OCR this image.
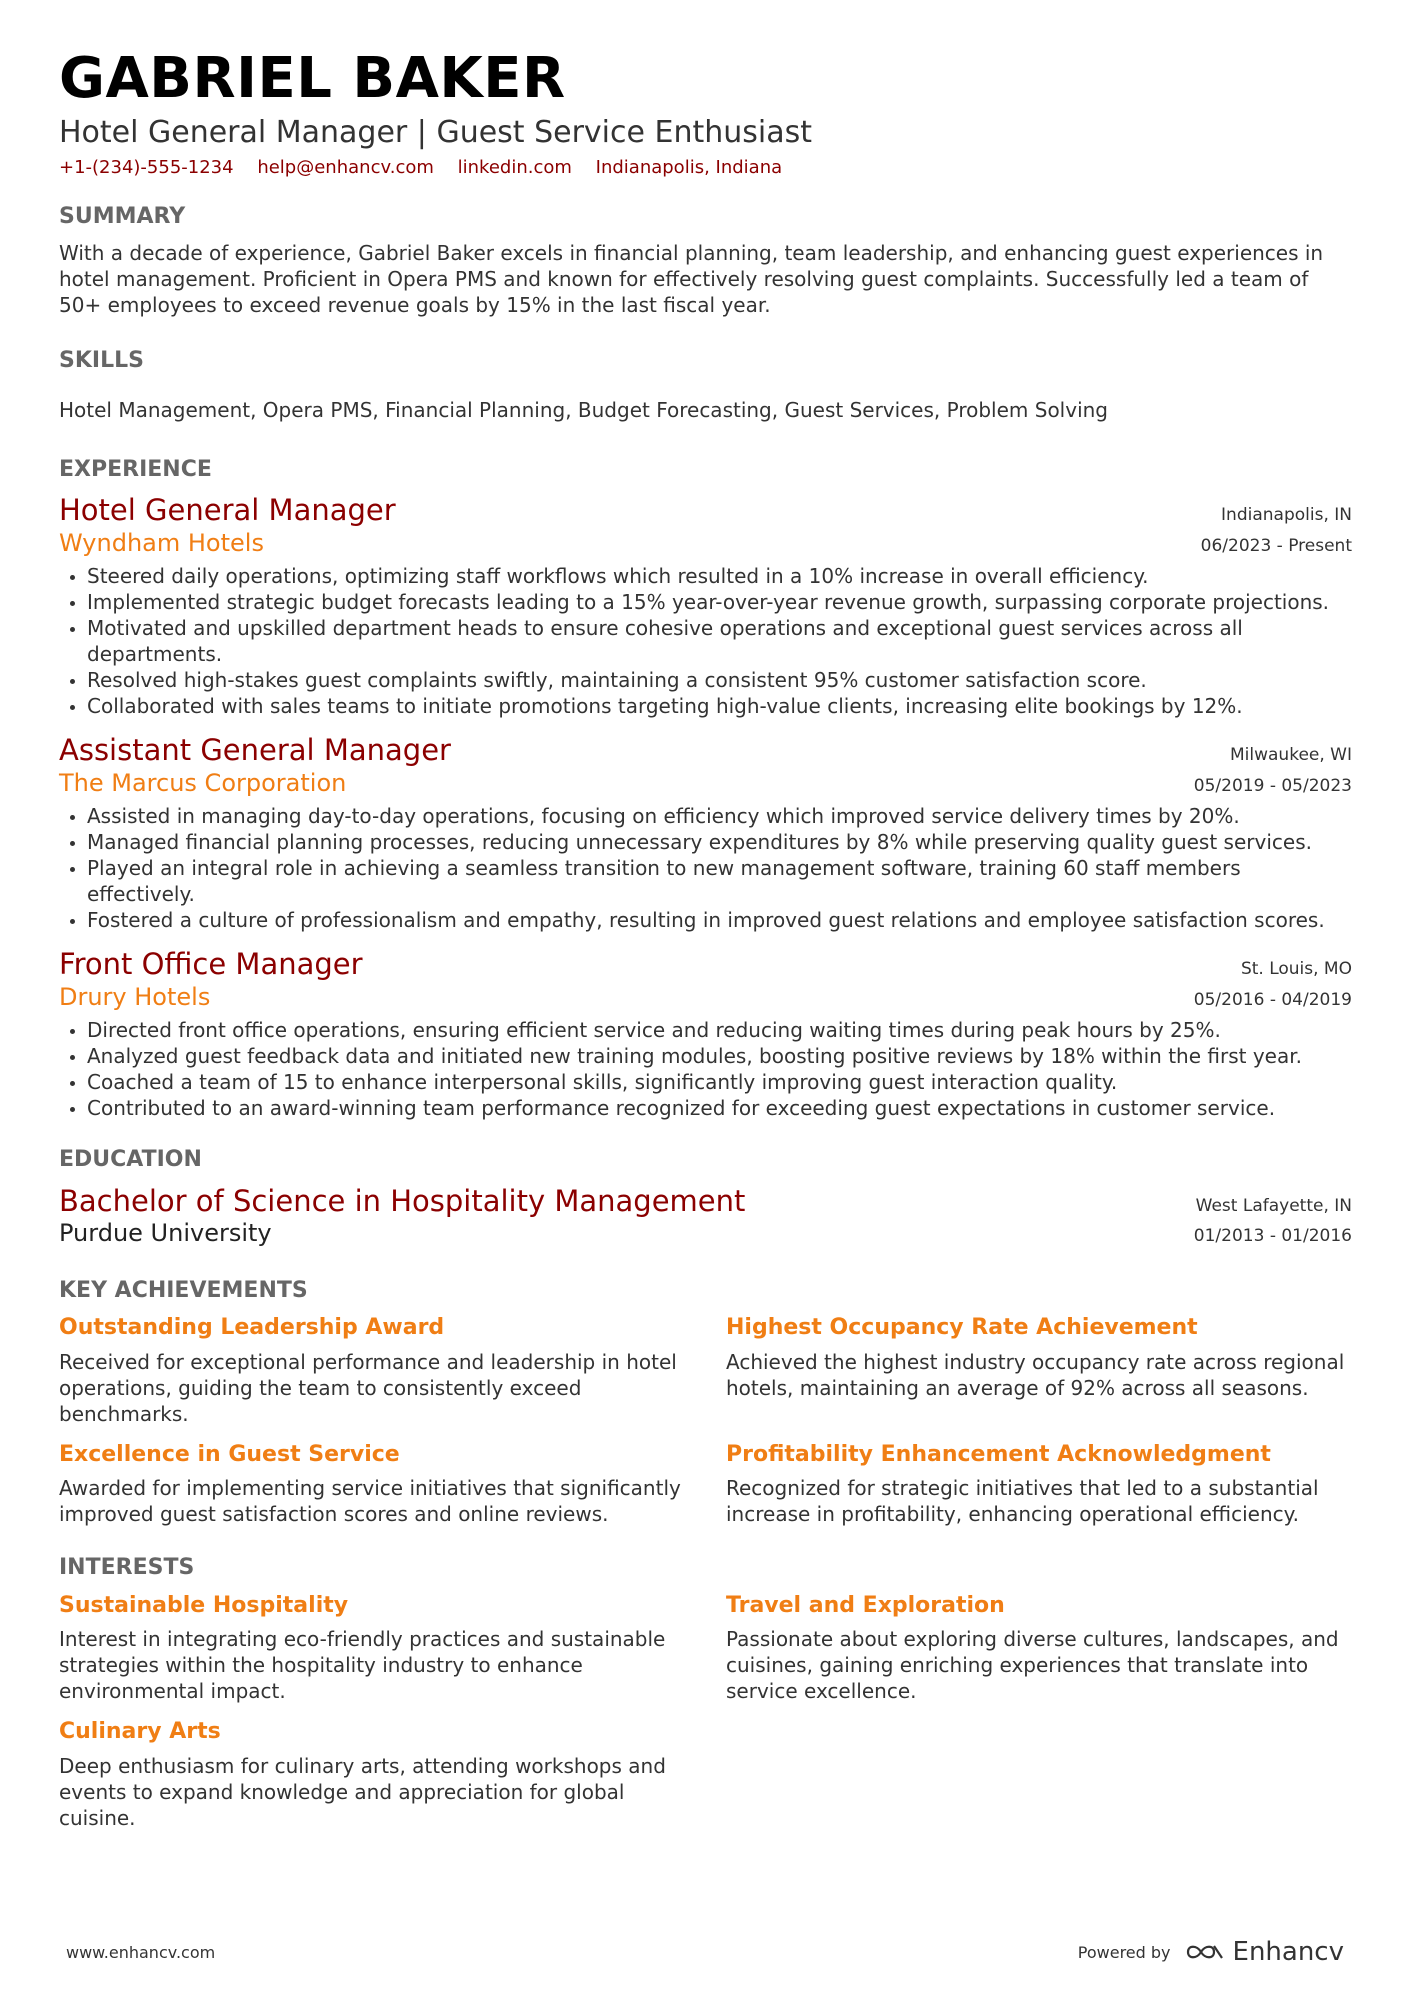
GABRIEL BAKER
Hotel General Manager | Guest Service Enthusiast
+1-(234)-555-1234 help@enhancv.com linkedin.com Indianapolis, Indiana
SUMMARY
With a decade of experience, Gabriel Baker excels in financial planning, team leadership, and enhancing guest experiences in hotel management. Proficient in Opera PMS and known for effectively resolving guest complaints. Successfully led a team of 50+ employees to exceed revenue goals by 15% in the last fiscal year.
SKILLS
Hotel Management, Opera PMS, Financial Planning, Budget Forecasting, Guest Services, Problem Solving
EXPERIENCE
Hotel General Manager	Indianapolis, IN
Wyndham Hotels	06/2023 - Present
• Steered daily operations, optimizing staff workflows which resulted in a 10% increase in overall efficiency.
• Implemented strategic budget forecasts leading to a 15% year-over-year revenue growth, surpassing corporate projections.
• Motivated and upskilled department heads to ensure cohesive operations and exceptional guest services across all departments.
• Resolved high-stakes guest complaints swiftly, maintaining a consistent 95% customer satisfaction score.
• Collaborated with sales teams to initiate promotions targeting high-value clients, increasing elite bookings by 12%.
Assistant General Manager	Milwaukee, WI
The Marcus Corporation	05/2019 - 05/2023
• Assisted in managing day-to-day operations, focusing on efficiency which improved service delivery times by 20%.
• Managed financial planning processes, reducing unnecessary expenditures by 8% while preserving quality guest services.
• Played an integral role in achieving a seamless transition to new management software, training 60 staff members effectively.
• Fostered a culture of professionalism and empathy, resulting in improved guest relations and employee satisfaction scores.
Front Office Manager	St. Louis, MO
Drury Hotels	05/2016 - 04/2019
• Directed front office operations, ensuring efficient service and reducing waiting times during peak hours by 25%.
• Analyzed guest feedback data and initiated new training modules, boosting positive reviews by 18% within the first year.
• Coached a team of 15 to enhance interpersonal skills, significantly improving guest interaction quality.
• Contributed to an award-winning team performance recognized for exceeding guest expectations in customer service.
EDUCATION
Bachelor of Science in Hospitality Management	West Lafayette, IN
Purdue University	01/2013 - 01/2016
KEY ACHIEVEMENTS
Outstanding Leadership Award
Received for exceptional performance and leadership in hotel operations, guiding the team to consistently exceed benchmarks.
Highest Occupancy Rate Achievement
Achieved the highest industry occupancy rate across regional hotels, maintaining an average of 92% across all seasons.
Excellence in Guest Service
Awarded for implementing service initiatives that significantly improved guest satisfaction scores and online reviews.
Profitability Enhancement Acknowledgment
Recognized for strategic initiatives that led to a substantial increase in profitability, enhancing operational efficiency.
INTERESTS
Sustainable Hospitality
Interest in integrating eco-friendly practices and sustainable strategies within the hospitality industry to enhance environmental impact.
Travel and Exploration
Passionate about exploring diverse cultures, landscapes, and cuisines, gaining enriching experiences that translate into service excellence.
Culinary Arts
Deep enthusiasm for culinary arts, attending workshops and events to expand knowledge and appreciation for global cuisine.
www.enhancv.com	Powered by Enhancv
